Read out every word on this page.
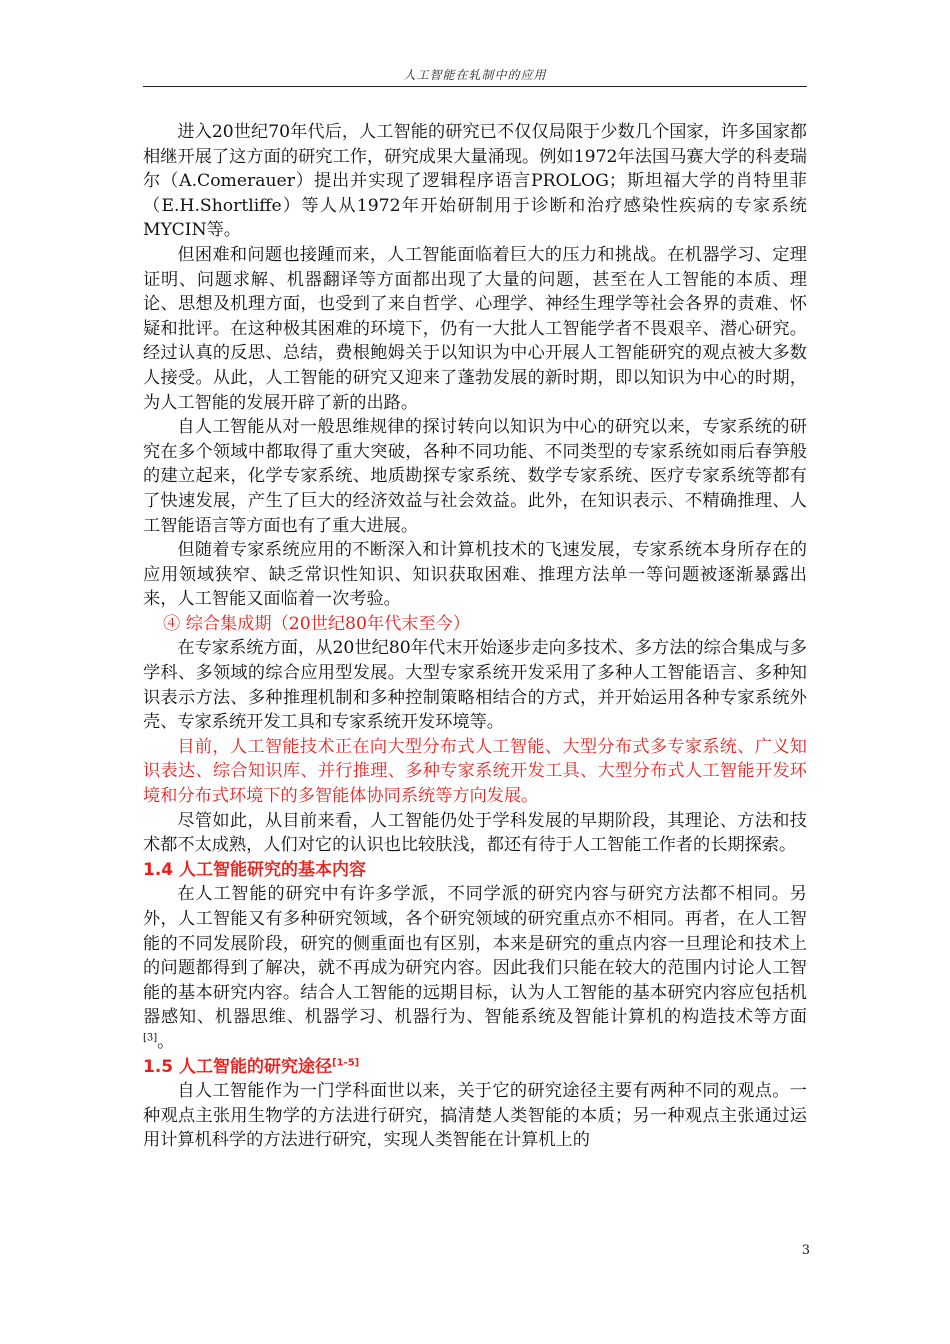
人工智能在轧制中的应用

进入20世纪70年代后，人工智能的研究已不仅仅局限于少数几个国家，许多国家都相继开展了这方面的研究工作，研究成果大量涌现。例如1972年法国马赛大学的科麦瑞尔（A.Comerauer）提出并实现了逻辑程序语言PROLOG；斯坦福大学的肖特里菲（E.H.Shortliffe）等人从1972年开始研制用于诊断和治疗感染性疾病的专家系统MYCIN等。

但困难和问题也接踵而来，人工智能面临着巨大的压力和挑战。在机器学习、定理证明、问题求解、机器翻译等方面都出现了大量的问题，甚至在人工智能的本质、理论、思想及机理方面，也受到了来自哲学、心理学、神经生理学等社会各界的责难、怀疑和批评。在这种极其困难的环境下，仍有一大批人工智能学者不畏艰辛、潜心研究。经过认真的反思、总结，费根鲍姆关于以知识为中心开展人工智能研究的观点被大多数人接受。从此，人工智能的研究又迎来了蓬勃发展的新时期，即以知识为中心的时期，为人工智能的发展开辟了新的出路。

自人工智能从对一般思维规律的探讨转向以知识为中心的研究以来，专家系统的研究在多个领域中都取得了重大突破，各种不同功能、不同类型的专家系统如雨后春笋般的建立起来，化学专家系统、地质勘探专家系统、数学专家系统、医疗专家系统等都有了快速发展，产生了巨大的经济效益与社会效益。此外，在知识表示、不精确推理、人工智能语言等方面也有了重大进展。

但随着专家系统应用的不断深入和计算机技术的飞速发展，专家系统本身所存在的应用领域狭窄、缺乏常识性知识、知识获取困难、推理方法单一等问题被逐渐暴露出来，人工智能又面临着一次考验。

④ 综合集成期（20世纪80年代末至今）

在专家系统方面，从20世纪80年代末开始逐步走向多技术、多方法的综合集成与多学科、多领域的综合应用型发展。大型专家系统开发采用了多种人工智能语言、多种知识表示方法、多种推理机制和多种控制策略相结合的方式，并开始运用各种专家系统外壳、专家系统开发工具和专家系统开发环境等。

目前，人工智能技术正在向大型分布式人工智能、大型分布式多专家系统、广义知识表达、综合知识库、并行推理、多种专家系统开发工具、大型分布式人工智能开发环境和分布式环境下的多智能体协同系统等方向发展。

尽管如此，从目前来看，人工智能仍处于学科发展的早期阶段，其理论、方法和技术都不太成熟，人们对它的认识也比较肤浅，都还有待于人工智能工作者的长期探索。

1.4 人工智能研究的基本内容

在人工智能的研究中有许多学派，不同学派的研究内容与研究方法都不相同。另外，人工智能又有多种研究领域，各个研究领域的研究重点亦不相同。再者，在人工智能的不同发展阶段，研究的侧重面也有区别，本来是研究的重点内容一旦理论和技术上的问题都得到了解决，就不再成为研究内容。因此我们只能在较大的范围内讨论人工智能的基本研究内容。结合人工智能的远期目标，认为人工智能的基本研究内容应包括机器感知、机器思维、机器学习、机器行为、智能系统及智能计算机的构造技术等方面[3]。

1.5 人工智能的研究途径[1-5]

自人工智能作为一门学科面世以来，关于它的研究途径主要有两种不同的观点。一种观点主张用生物学的方法进行研究，搞清楚人类智能的本质；另一种观点主张通过运用计算机科学的方法进行研究，实现人类智能在计算机上的

3
